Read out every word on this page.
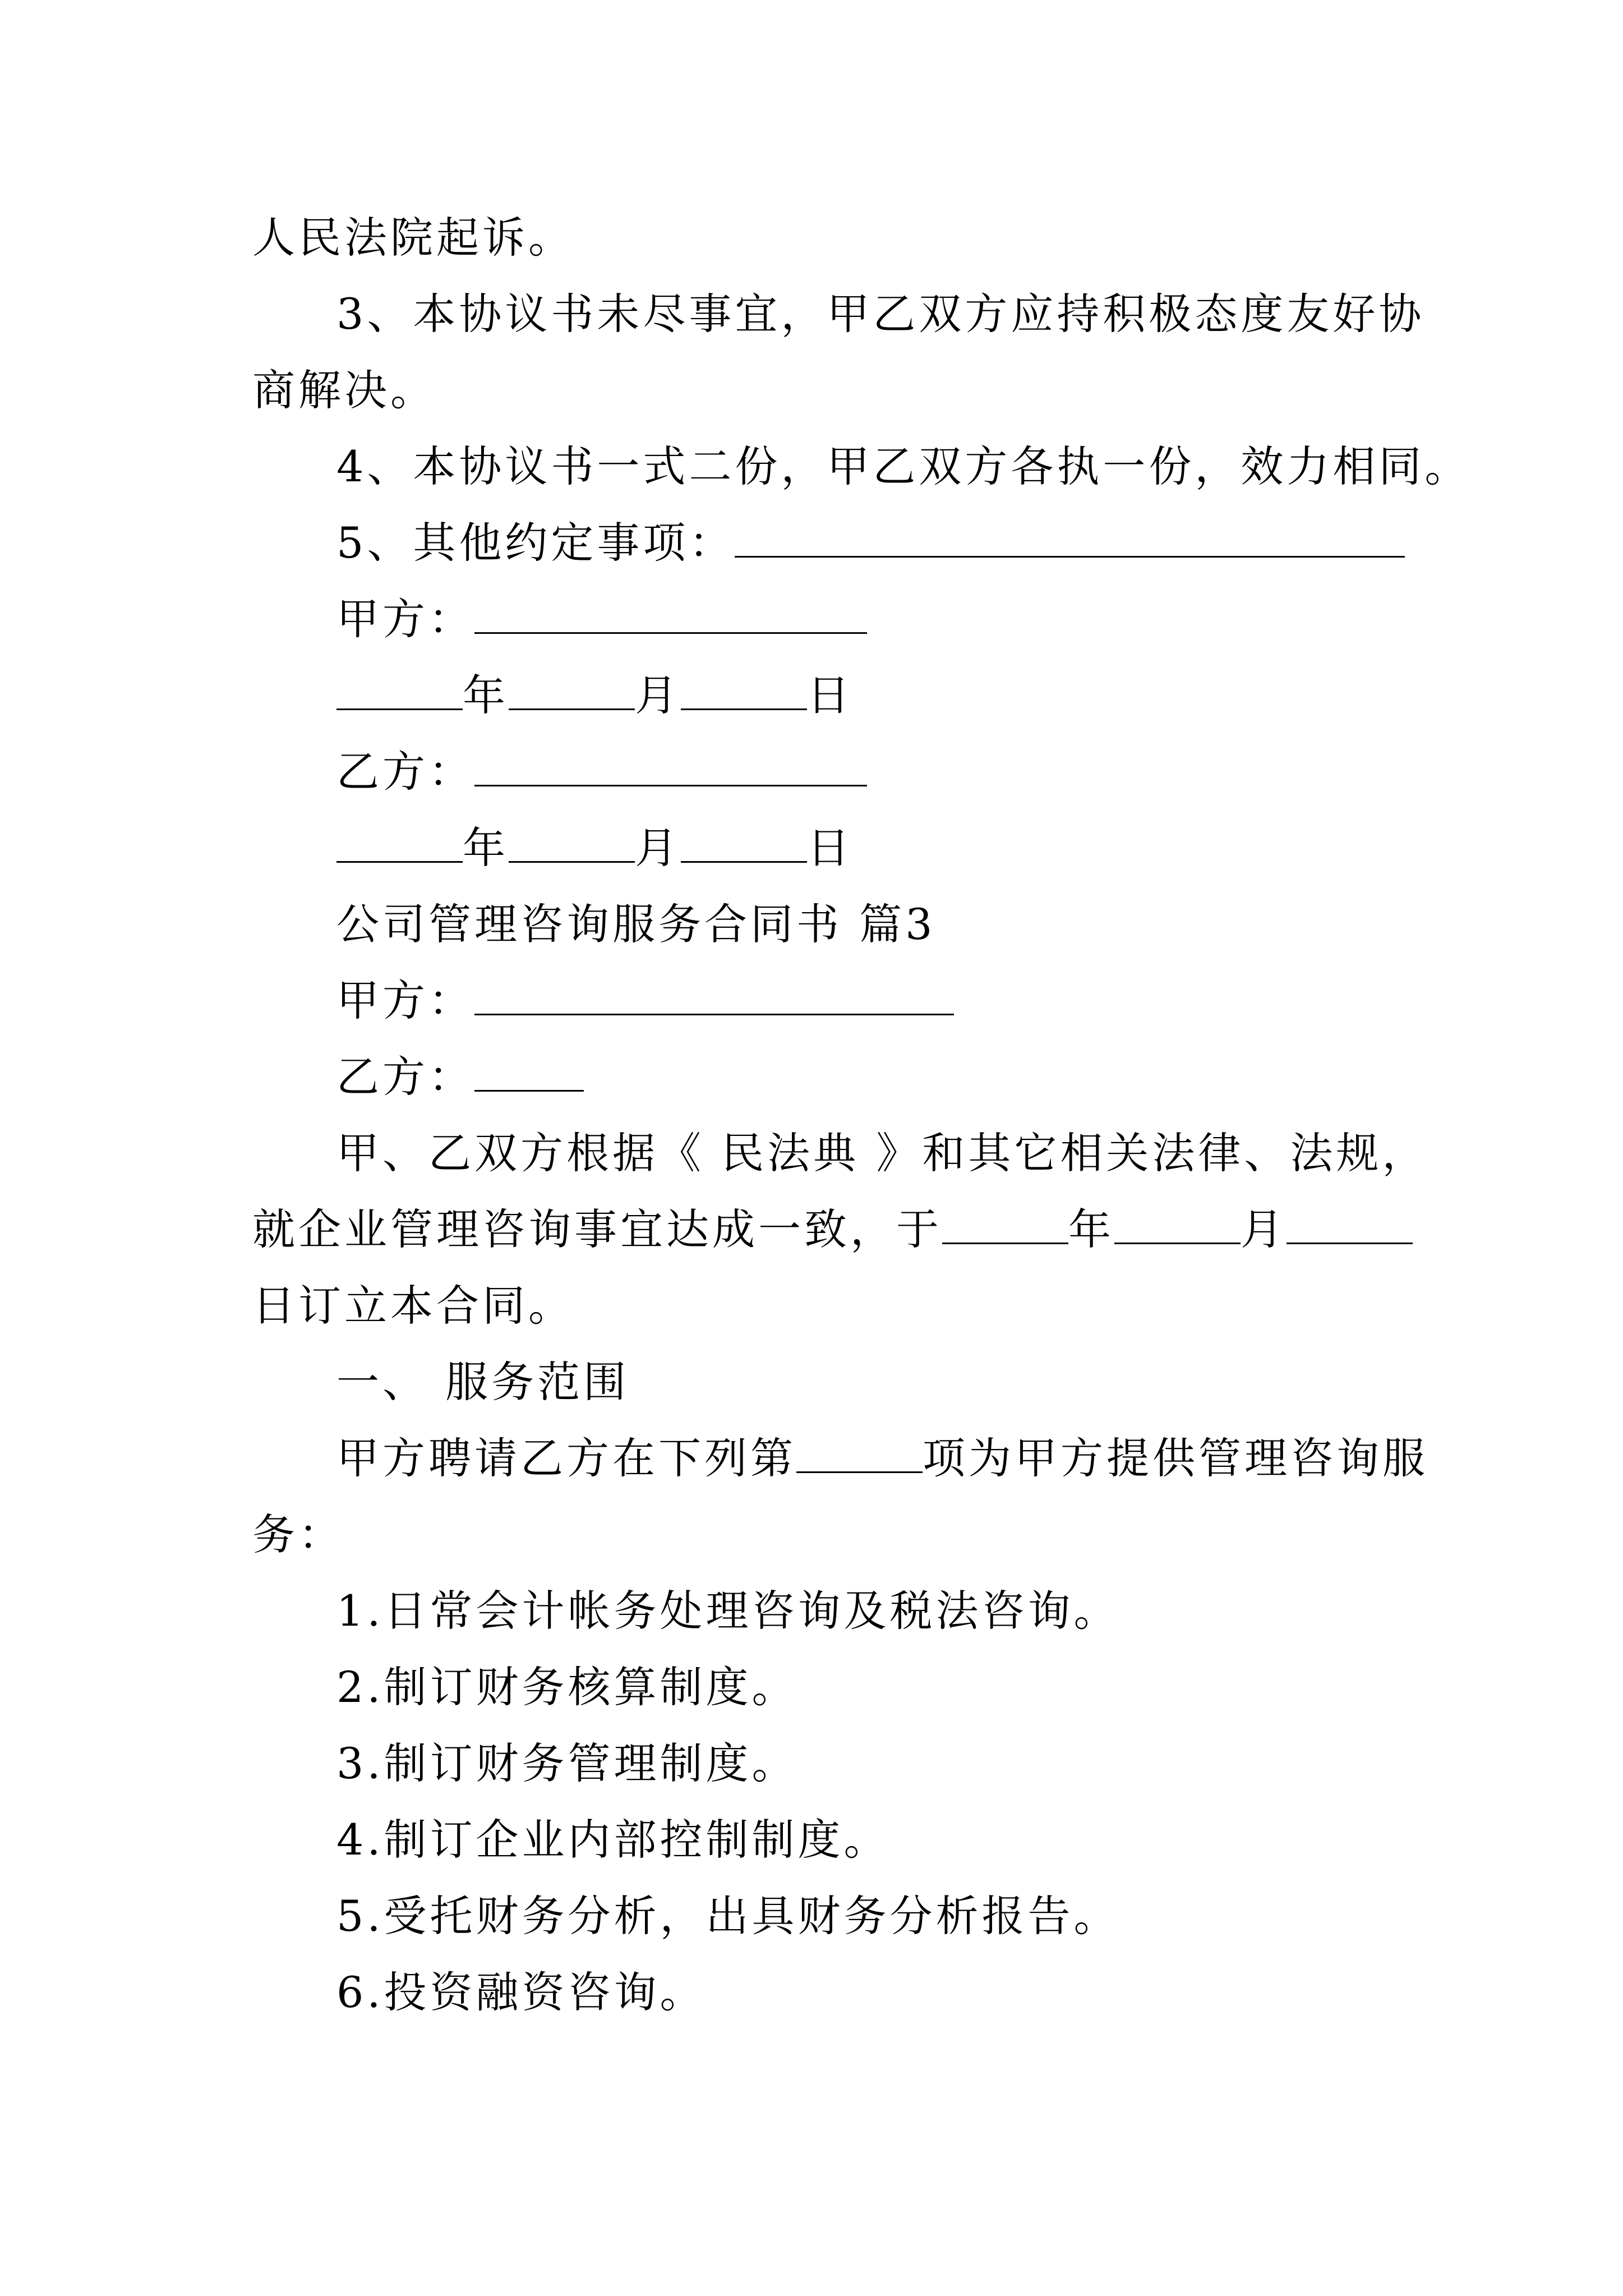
人民法院起诉。
3、本协议书未尽事宜，甲乙双方应持积极态度友好协
商解决。
4、本协议书一式二份，甲乙双方各执一份，效力相同。
5、其他约定事项：
甲方：
年	月	日
乙方：
年	月	日
公司管理咨询服务合同书 篇3
甲方：
乙方：
甲、乙双方根据《 民法典 》和其它相关法律、法规，
就企业管理咨询事宜达成一致，于	年	月
日订立本合同。
一、 服务范围
甲方聘请乙方在下列第	项为甲方提供管理咨询服
务：
1.日常会计帐务处理咨询及税法咨询。
2.制订财务核算制度。
3.制订财务管理制度。
4.制订企业内部控制制度。
5.受托财务分析，出具财务分析报告。
6.投资融资咨询。
